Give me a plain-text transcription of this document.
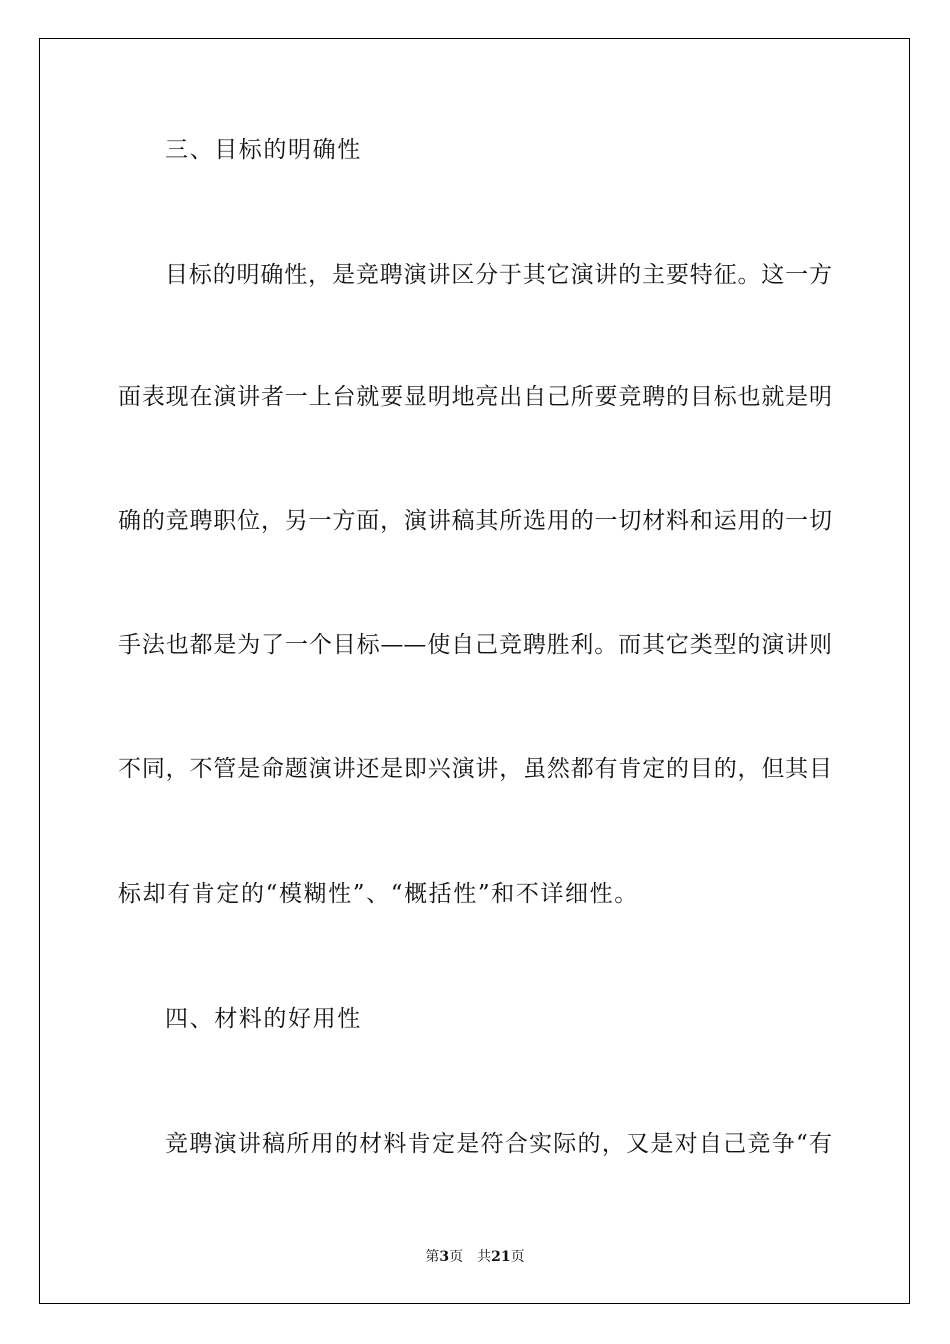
三、目标的明确性
目标的明确性，是竞聘演讲区分于其它演讲的主要特征。这一方
面表现在演讲者一上台就要显明地亮出自己所要竞聘的目标也就是明
确的竞聘职位，另一方面，演讲稿其所选用的一切材料和运用的一切
手法也都是为了一个目标——使自己竞聘胜利。而其它类型的演讲则
不同，不管是命题演讲还是即兴演讲，虽然都有肯定的目的，但其目
标却有肯定的“模糊性”、“概括性”和不详细性。
四、材料的好用性
竞聘演讲稿所用的材料肯定是符合实际的，又是对自己竞争“有
第3页 共21页
